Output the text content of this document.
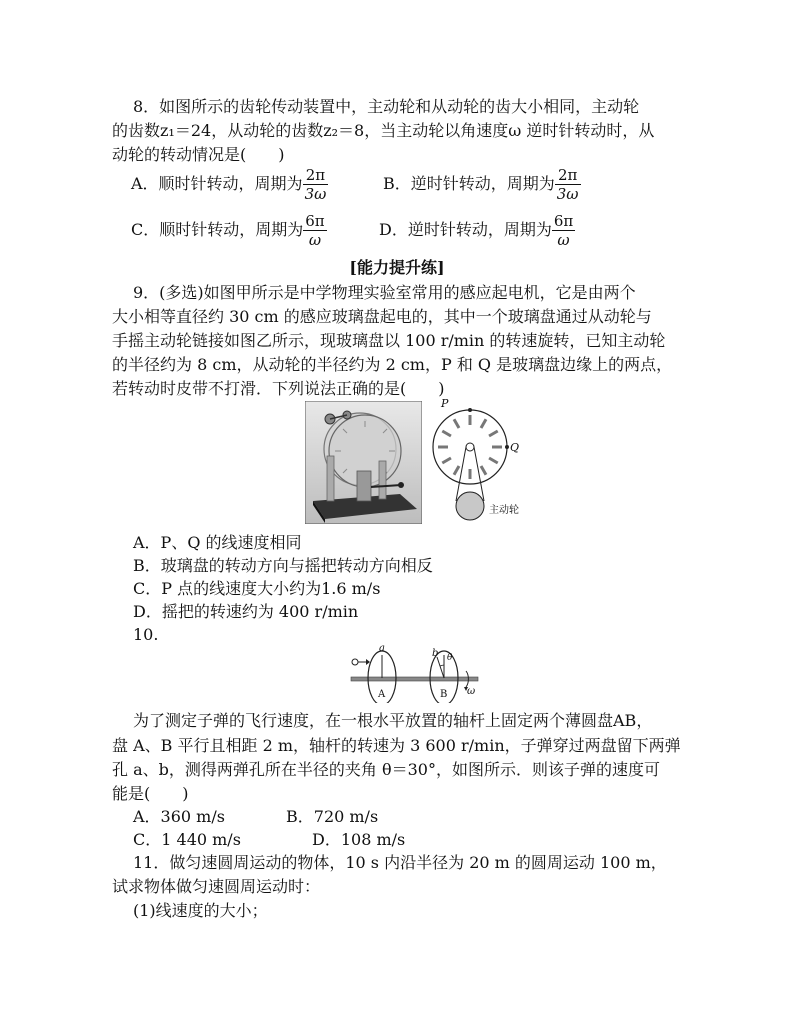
8．如图所示的齿轮传动装置中，主动轮和从动轮的齿大小相同，主动轮
的齿数z₁＝24，从动轮的齿数z₂＝8，当主动轮以角速度ω 逆时针转动时，从
动轮的转动情况是(　　)
A．顺时针转动，周期为 $\frac{2\pi}{3\omega}$	B．逆时针转动，周期为 $\frac{2\pi}{3\omega}$
C．顺时针转动，周期为 $\frac{6\pi}{\omega}$	D．逆时针转动，周期为 $\frac{6\pi}{\omega}$
[能力提升练]
9．(多选)如图甲所示是中学物理实验室常用的感应起电机，它是由两个
大小相等直径约 30 cm 的感应玻璃盘起电的，其中一个玻璃盘通过从动轮与
手摇主动轮链接如图乙所示，现玻璃盘以 100 r/min 的转速旋转，已知主动轮
的半径约为 8 cm，从动轮的半径约为 2 cm，P 和 Q 是玻璃盘边缘上的两点，
若转动时皮带不打滑．下列说法正确的是(　　)
P
Q
主动轮
A．P、Q 的线速度相同
B．玻璃盘的转动方向与摇把转动方向相反
C．P 点的线速度大小约为1.6 m/s
D．摇把的转速约为 400 r/min
10.
a	b θ
A	B ω
为了测定子弹的飞行速度，在一根水平放置的轴杆上固定两个薄圆盘AB，
盘 A、B 平行且相距 2 m，轴杆的转速为 3 600 r/min，子弹穿过两盘留下两弹
孔 a、b，测得两弹孔所在半径的夹角 θ＝30°，如图所示．则该子弹的速度可
能是(　　)
A．360 m/s	B．720 m/s
C．1 440 m/s	D．108 m/s
11．做匀速圆周运动的物体，10 s 内沿半径为 20 m 的圆周运动 100 m，
试求物体做匀速圆周运动时：
(1)线速度的大小；
